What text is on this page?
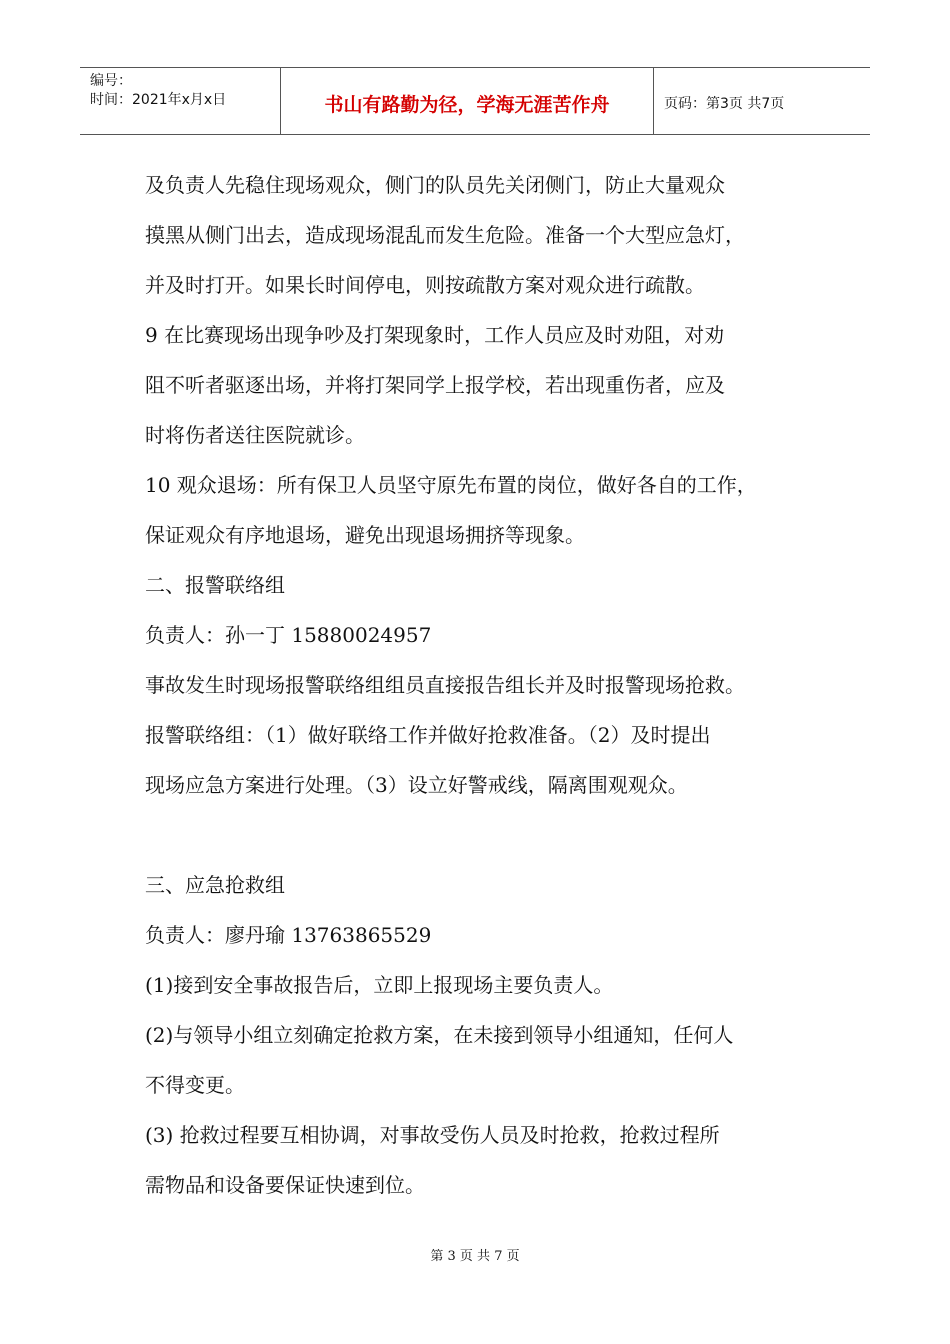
编号：
时间：2021年x月x日	书山有路勤为径，学海无涯苦作舟	页码：第3页 共7页
及负责人先稳住现场观众，侧门的队员先关闭侧门，防止大量观众
摸黑从侧门出去，造成现场混乱而发生危险。准备一个大型应急灯，
并及时打开。如果长时间停电，则按疏散方案对观众进行疏散。
9 在比赛现场出现争吵及打架现象时，工作人员应及时劝阻，对劝
阻不听者驱逐出场，并将打架同学上报学校，若出现重伤者，应及
时将伤者送往医院就诊。
10 观众退场：所有保卫人员坚守原先布置的岗位，做好各自的工作，
保证观众有序地退场，避免出现退场拥挤等现象。
二、报警联络组
负责人：孙一丁 15880024957
事故发生时现场报警联络组组员直接报告组长并及时报警现场抢救。
报警联络组：（1）做好联络工作并做好抢救准备。（2）及时提出
现场应急方案进行处理。（3）设立好警戒线，隔离围观观众。
三、应急抢救组
负责人：廖丹瑜 13763865529
(1)接到安全事故报告后，立即上报现场主要负责人。
(2)与领导小组立刻确定抢救方案，在未接到领导小组通知，任何人
不得变更。
(3) 抢救过程要互相协调，对事故受伤人员及时抢救，抢救过程所
需物品和设备要保证快速到位。
第 3 页 共 7 页
